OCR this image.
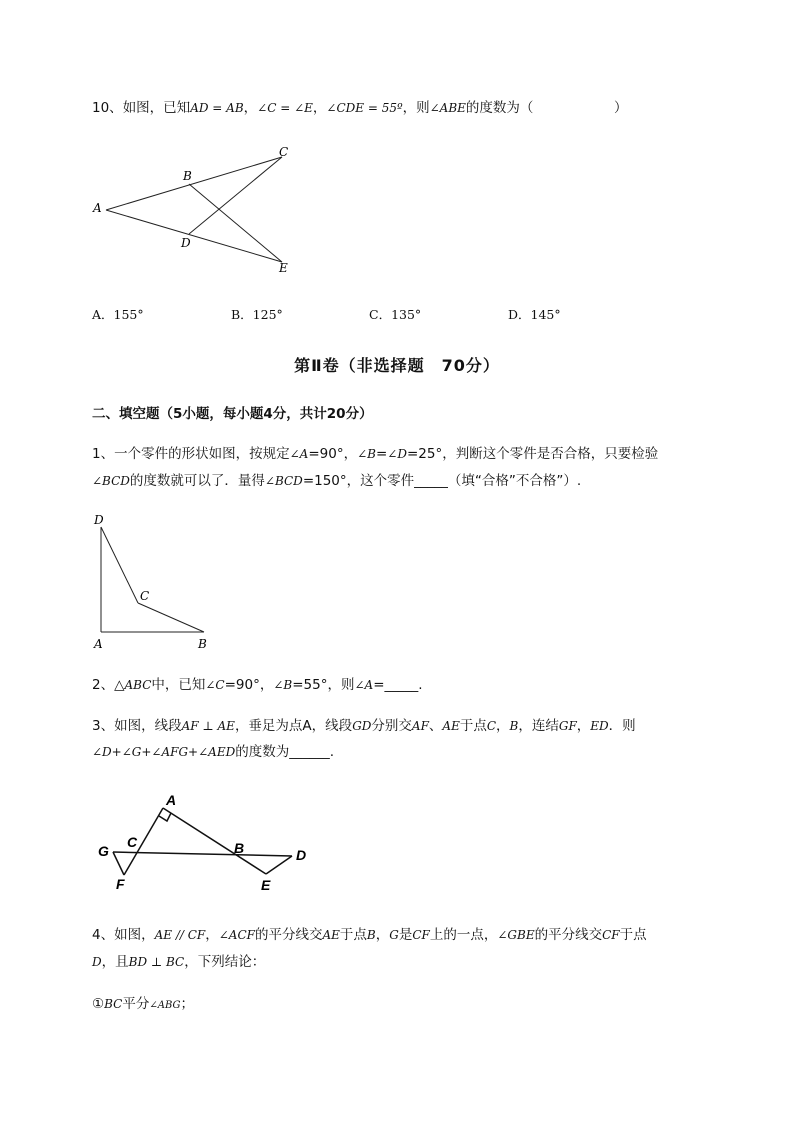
10、如图，已知AD = AB，∠C = ∠E，∠CDE = 55º，则∠ABE的度数为（	）
A
B
C
D
E
A．155°	B．125°	C．135°	D．145°
第Ⅱ卷（非选择题　70分）
二、填空题（5小题，每小题4分，共计20分）
1、一个零件的形状如图，按规定∠A=90°，∠B=∠D=25°，判断这个零件是否合格，只要检验
∠BCD的度数就可以了．量得∠BCD=150°，这个零件_____（填“合格”不合格”）.
D
C
A	B
2、△ABC中，已知∠C=90°，∠B=55°，则∠A=_____.
3、如图，线段AF ⊥ AE，垂足为点A，线段GD分别交AF、AE于点C，B，连结GF，ED．则
∠D+∠G+∠AFG+∠AED的度数为______.
A
C
G
F
B	D
E
4、如图，AE // CF，∠ACF的平分线交AE于点B，G是CF上的一点，∠GBE的平分线交CF于点
D，且BD ⊥ BC，下列结论：
①BC平分∠ABG；
